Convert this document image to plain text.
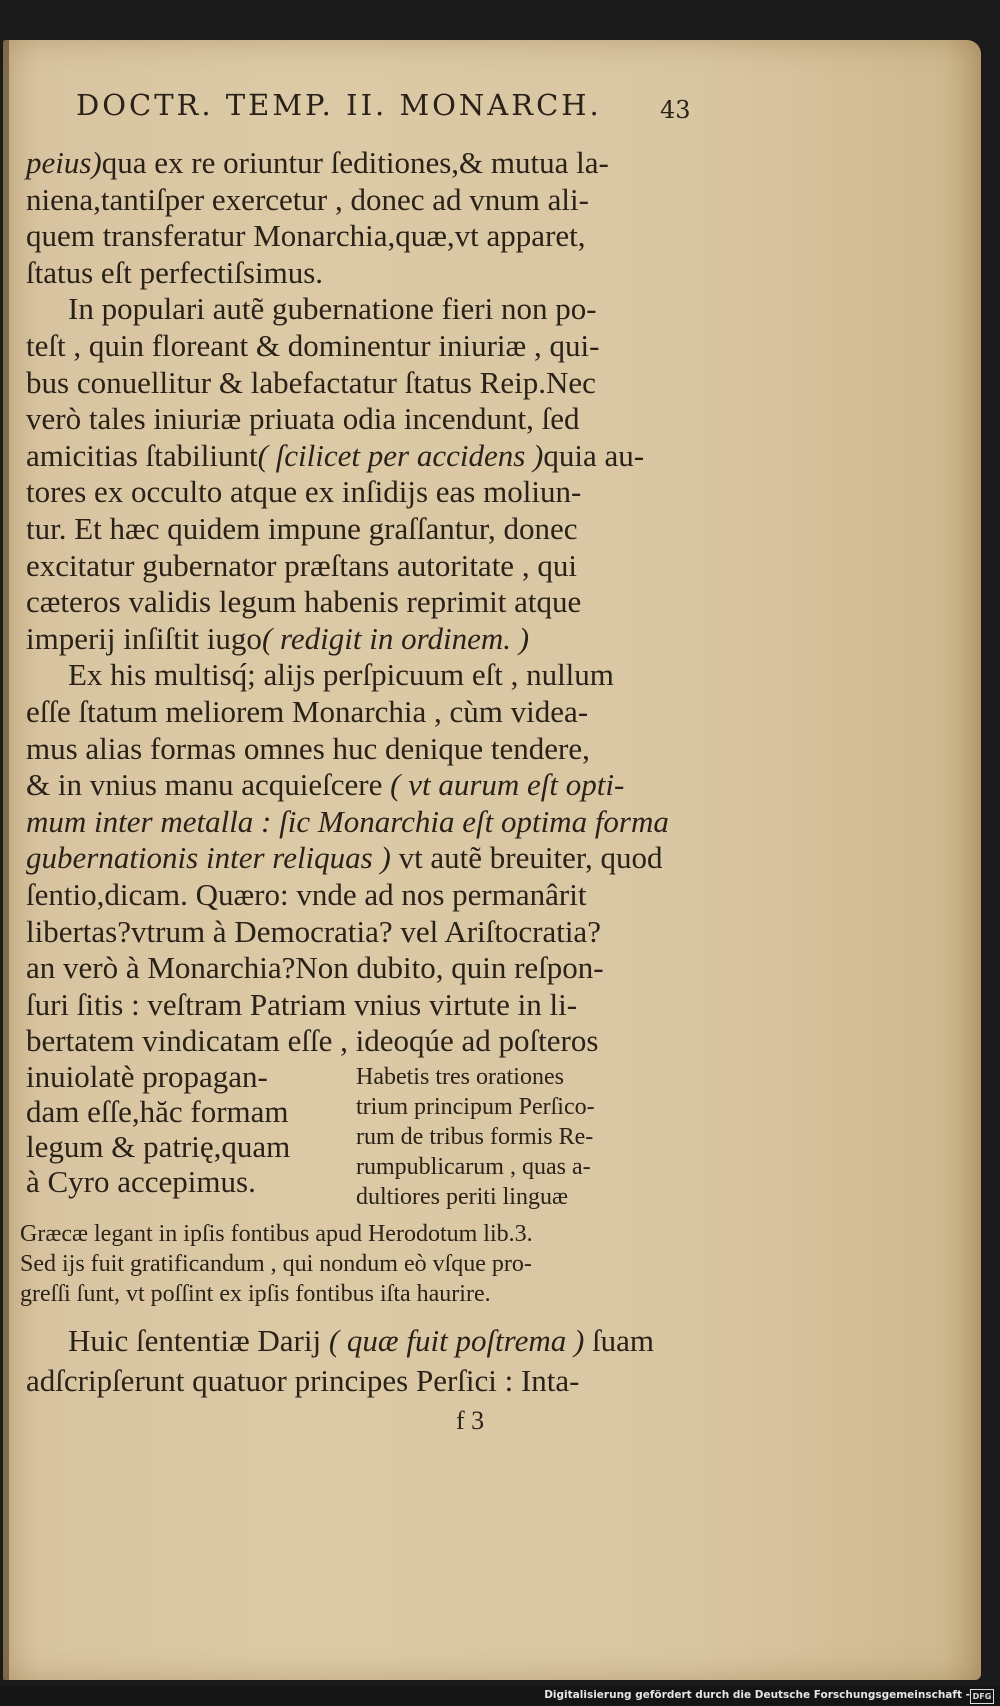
DOCTR. TEMP. II. MONARCH. 43
peius)qua ex re oriuntur ſeditiones,& mutua la-
niena,tantiſper exercetur , donec ad vnum ali-
quem transferatur Monarchia,quæ,vt apparet,
ſtatus eſt perfectiſsimus.
In populari autẽ gubernatione fieri non po-
teſt , quin floreant & dominentur iniuriæ , qui-
bus conuellitur & labefactatur ſtatus Reip.Nec
verò tales iniuriæ priuata odia incendunt, ſed
amicitias ſtabiliunt( ſcilicet per accidens )quia au-
tores ex occulto atque ex inſidijs eas moliun-
tur. Et hæc quidem impune graſſantur, donec
excitatur gubernator præſtans autoritate , qui
cæteros validis legum habenis reprimit atque
imperij inſiſtit iugo( redigit in ordinem. )
Ex his multisq́; alijs perſpicuum eſt , nullum
eſſe ſtatum meliorem Monarchia , cùm videa-
mus alias formas omnes huc denique tendere,
& in vnius manu acquieſcere ( vt aurum eſt opti-
mum inter metalla : ſic Monarchia eſt optima forma
gubernationis inter reliquas ) vt autẽ breuiter, quod
ſentio,dicam. Quæro: vnde ad nos permanârit
libertas?vtrum à Democratia? vel Ariſtocratia?
an verò à Monarchia?Non dubito, quin reſpon-
ſuri ſitis : veſtram Patriam vnius virtute in li-
bertatem vindicatam eſſe , ideoqúe ad poſteros
inuiolatè propagan-
dam eſſe,hăc formam
legum & patrię,quam
à Cyro accepimus.
Habetis tres orationes
trium principum Perſico-
rum de tribus formis Re-
rumpublicarum , quas a-
dultiores periti linguæ
Græcæ legant in ipſis fontibus apud Herodotum lib.3.
Sed ijs fuit gratificandum , qui nondum eò vſque pro-
greſſi ſunt, vt poſſint ex ipſis fontibus iſta haurire.
Huic ſententiæ Darij ( quæ fuit poſtrema ) ſuam
adſcripſerunt quatuor principes Perſici : Inta-
f 3
Digitalisierung gefördert durch die Deutsche Forschungsgemeinschaft - DFG
